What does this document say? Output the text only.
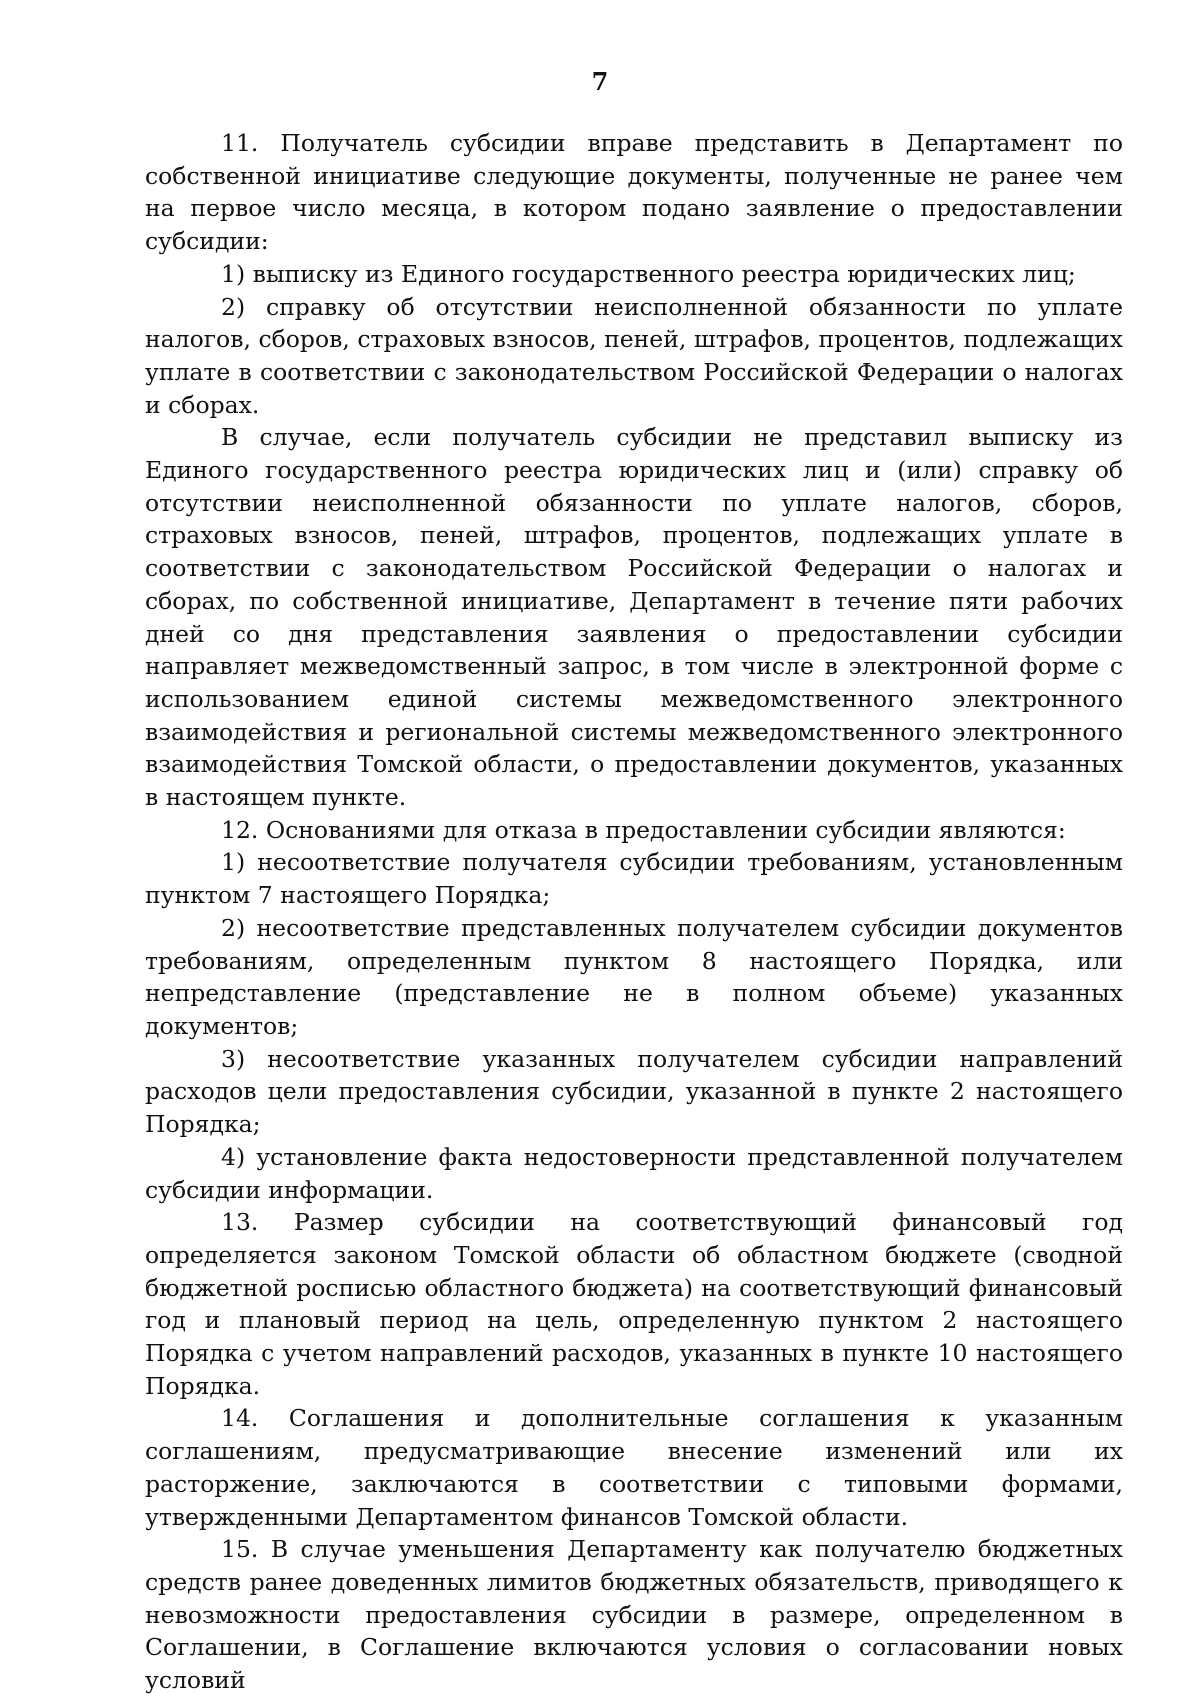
7

11. Получатель субсидии вправе представить в Департамент по собственной инициативе следующие документы, полученные не ранее чем на первое число месяца, в котором подано заявление о предоставлении субсидии:

1) выписку из Единого государственного реестра юридических лиц;

2) справку об отсутствии неисполненной обязанности по уплате налогов, сборов, страховых взносов, пеней, штрафов, процентов, подлежащих уплате в соответствии с законодательством Российской Федерации о налогах и сборах.

В случае, если получатель субсидии не представил выписку из Единого государственного реестра юридических лиц и (или) справку об отсутствии неисполненной обязанности по уплате налогов, сборов, страховых взносов, пеней, штрафов, процентов, подлежащих уплате в соответствии с законодательством Российской Федерации о налогах и сборах, по собственной инициативе, Департамент в течение пяти рабочих дней со дня представления заявления о предоставлении субсидии направляет межведомственный запрос, в том числе в электронной форме с использованием единой системы межведомственного электронного взаимодействия и региональной системы межведомственного электронного взаимодействия Томской области, о предоставлении документов, указанных в настоящем пункте.

12. Основаниями для отказа в предоставлении субсидии являются:

1) несоответствие получателя субсидии требованиям, установленным пунктом 7 настоящего Порядка;

2) несоответствие представленных получателем субсидии документов требованиям, определенным пунктом 8 настоящего Порядка, или непредставление (представление не в полном объеме) указанных документов;

3) несоответствие указанных получателем субсидии направлений расходов цели предоставления субсидии, указанной в пункте 2 настоящего Порядка;

4) установление факта недостоверности представленной получателем субсидии информации.

13. Размер субсидии на соответствующий финансовый год определяется законом Томской области об областном бюджете (сводной бюджетной росписью областного бюджета) на соответствующий финансовый год и плановый период на цель, определенную пунктом 2 настоящего Порядка с учетом направлений расходов, указанных в пункте 10 настоящего Порядка.

14. Соглашения и дополнительные соглашения к указанным соглашениям, предусматривающие внесение изменений или их расторжение, заключаются в соответствии с типовыми формами, утвержденными Департаментом финансов Томской области.

15. В случае уменьшения Департаменту как получателю бюджетных средств ранее доведенных лимитов бюджетных обязательств, приводящего к невозможности предоставления субсидии в размере, определенном в Соглашении, в Соглашение включаются условия о согласовании новых условий
